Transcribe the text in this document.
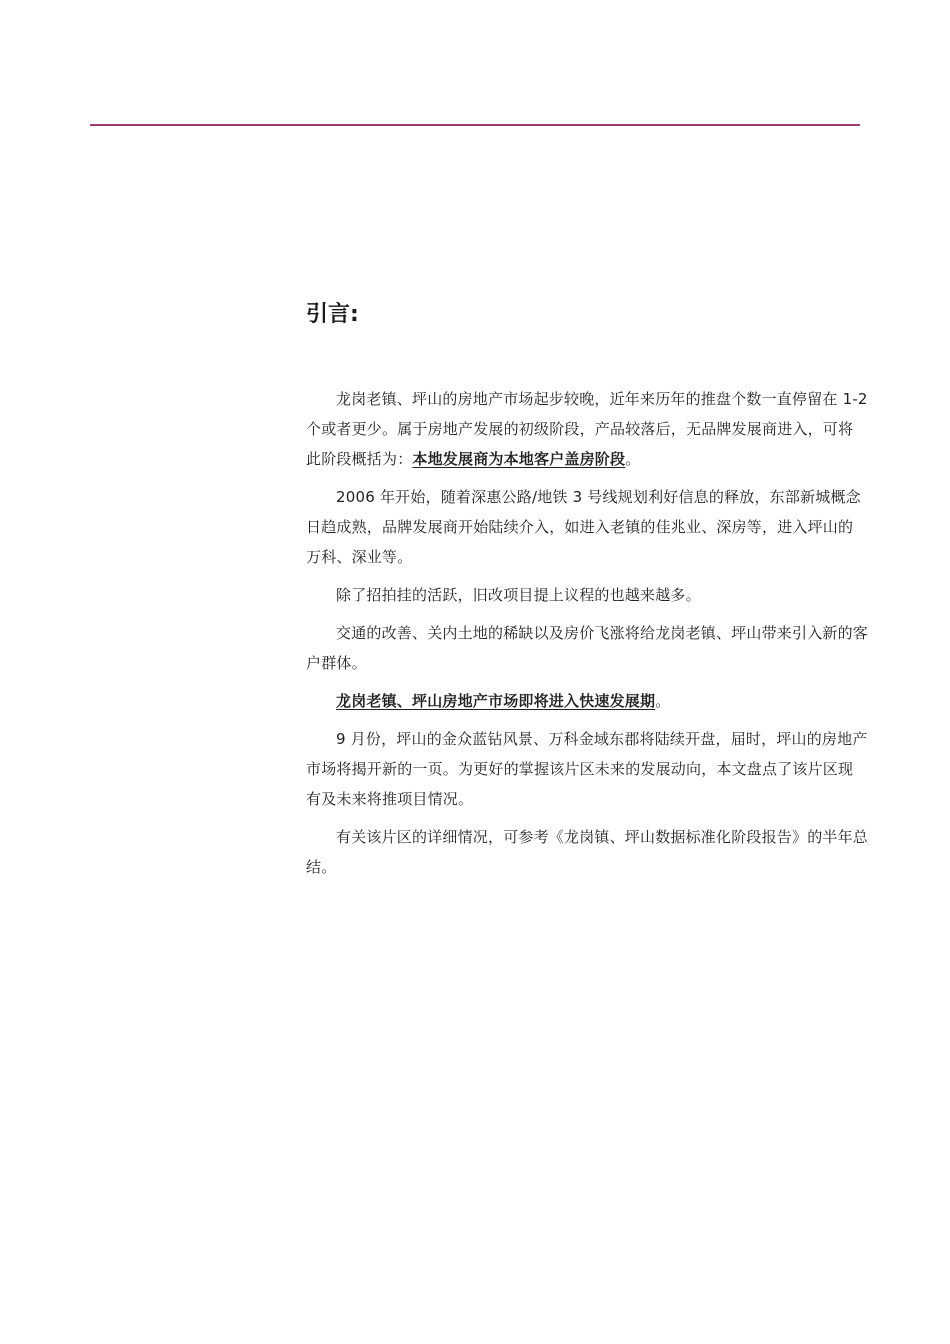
引言:

龙岗老镇、坪山的房地产市场起步较晚，近年来历年的推盘个数一直停留在 1-2 个或者更少。属于房地产发展的初级阶段，产品较落后，无品牌发展商进入，可将此阶段概括为：本地发展商为本地客户盖房阶段。

2006 年开始，随着深惠公路/地铁 3 号线规划利好信息的释放，东部新城概念日趋成熟，品牌发展商开始陆续介入，如进入老镇的佳兆业、深房等，进入坪山的万科、深业等。

除了招拍挂的活跃，旧改项目提上议程的也越来越多。

交通的改善、关内土地的稀缺以及房价飞涨将给龙岗老镇、坪山带来引入新的客户群体。

龙岗老镇、坪山房地产市场即将进入快速发展期。

9 月份，坪山的金众蓝钻风景、万科金域东郡将陆续开盘，届时，坪山的房地产市场将揭开新的一页。为更好的掌握该片区未来的发展动向，本文盘点了该片区现有及未来将推项目情况。

有关该片区的详细情况，可参考《龙岗镇、坪山数据标准化阶段报告》的半年总结。
